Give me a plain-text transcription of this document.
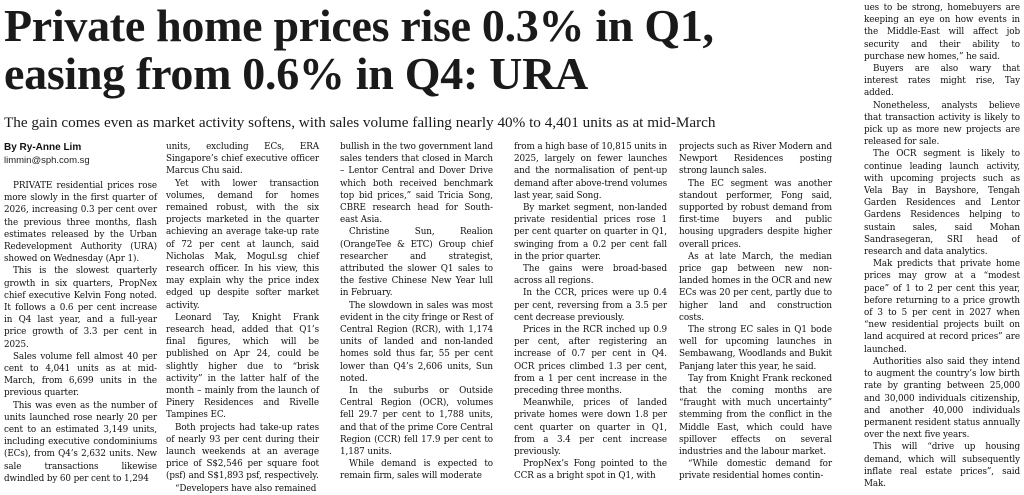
Private home prices rise 0.3% in Q1,
easing from 0.6% in Q4: URA

The gain comes even as market activity softens, with sales volume falling nearly 40% to 4,401 units as at mid-March

By Ry-Anne Lim
limmin@sph.com.sg

PRIVATE residential prices rose more slowly in the first quarter of 2026, increasing 0.3 per cent over the previous three months, flash estimates released by the Urban Redevelopment Authority (URA) showed on Wednesday (Apr 1).

This is the slowest quarterly growth in six quarters, PropNex chief executive Kelvin Fong noted. It follows a 0.6 per cent increase in Q4 last year, and a full-year price growth of 3.3 per cent in 2025.

Sales volume fell almost 40 per cent to 4,041 units as at mid-March, from 6,699 units in the previous quarter.

This was even as the number of units launched rose nearly 20 per cent to an estimated 3,149 units, including executive condominiums (ECs), from Q4’s 2,632 units. New sale transactions likewise dwindled by 60 per cent to 1,294

units, excluding ECs, ERA Singapore’s chief executive officer Marcus Chu said.

Yet with lower transaction volumes, demand for homes remained robust, with the six projects marketed in the quarter achieving an average take-up rate of 72 per cent at launch, said Nicholas Mak, Mogul.sg chief research officer. In his view, this may explain why the price index edged up despite softer market activity.

Leonard Tay, Knight Frank research head, added that Q1’s final figures, which will be published on Apr 24, could be slightly higher due to “brisk activity” in the latter half of the month – mainly from the launch of Pinery Residences and Rivelle Tampines EC.

Both projects had take-up rates of nearly 93 per cent during their launch weekends at an average price of S$2,546 per square foot (psf) and S$1,893 psf, respectively.

“Developers have also remained

bullish in the two government land sales tenders that closed in March – Lentor Central and Dover Drive which both received benchmark top bid prices,” said Tricia Song, CBRE research head for South-east Asia.

Christine Sun, Realion (OrangeTee & ETC) Group chief researcher and strategist, attributed the slower Q1 sales to the festive Chinese New Year lull in February.

The slowdown in sales was most evident in the city fringe or Rest of Central Region (RCR), with 1,174 units of landed and non-landed homes sold thus far, 55 per cent lower than Q4’s 2,606 units, Sun noted.

In the suburbs or Outside Central Region (OCR), volumes fell 29.7 per cent to 1,788 units, and that of the prime Core Central Region (CCR) fell 17.9 per cent to 1,187 units.

While demand is expected to remain firm, sales will moderate

from a high base of 10,815 units in 2025, largely on fewer launches and the normalisation of pent-up demand after above-trend volumes last year, said Song.

By market segment, non-landed private residential prices rose 1 per cent quarter on quarter in Q1, swinging from a 0.2 per cent fall in the prior quarter.

The gains were broad-based across all regions.

In the CCR, prices were up 0.4 per cent, reversing from a 3.5 per cent decrease previously.

Prices in the RCR inched up 0.9 per cent, after registering an increase of 0.7 per cent in Q4. OCR prices climbed 1.3 per cent, from a 1 per cent increase in the preceding three months.

Meanwhile, prices of landed private homes were down 1.8 per cent quarter on quarter in Q1, from a 3.4 per cent increase previously.

PropNex’s Fong pointed to the CCR as a bright spot in Q1, with

projects such as River Modern and Newport Residences posting strong launch sales.

The EC segment was another standout performer, Fong said, supported by robust demand from first-time buyers and public housing upgraders despite higher overall prices.

As at late March, the median price gap between new non-landed homes in the OCR and new ECs was 20 per cent, partly due to higher land and construction costs.

The strong EC sales in Q1 bode well for upcoming launches in Sembawang, Woodlands and Bukit Panjang later this year, he said.

Tay from Knight Frank reckoned that the coming months are “fraught with much uncertainty” stemming from the conflict in the Middle East, which could have spillover effects on several industries and the labour market.

“While domestic demand for private residential homes contin-

ues to be strong, homebuyers are keeping an eye on how events in the Middle-East will affect job security and their ability to purchase new homes,” he said.

Buyers are also wary that interest rates might rise, Tay added.

Nonetheless, analysts believe that transaction activity is likely to pick up as more new projects are released for sale.

The OCR segment is likely to continue leading launch activity, with upcoming projects such as Vela Bay in Bayshore, Tengah Garden Residences and Lentor Gardens Residences helping to sustain sales, said Mohan Sandrasegeran, SRI head of research and data analytics.

Mak predicts that private home prices may grow at a “modest pace” of 1 to 2 per cent this year, before returning to a price growth of 3 to 5 per cent in 2027 when “new residential projects built on land acquired at record prices” are launched.

Authorities also said they intend to augment the country’s low birth rate by granting between 25,000 and 30,000 individuals citizenship, and another 40,000 individuals permanent resident status annually over the next five years.

This will “drive up housing demand, which will subsequently inflate real estate prices”, said Mak.
